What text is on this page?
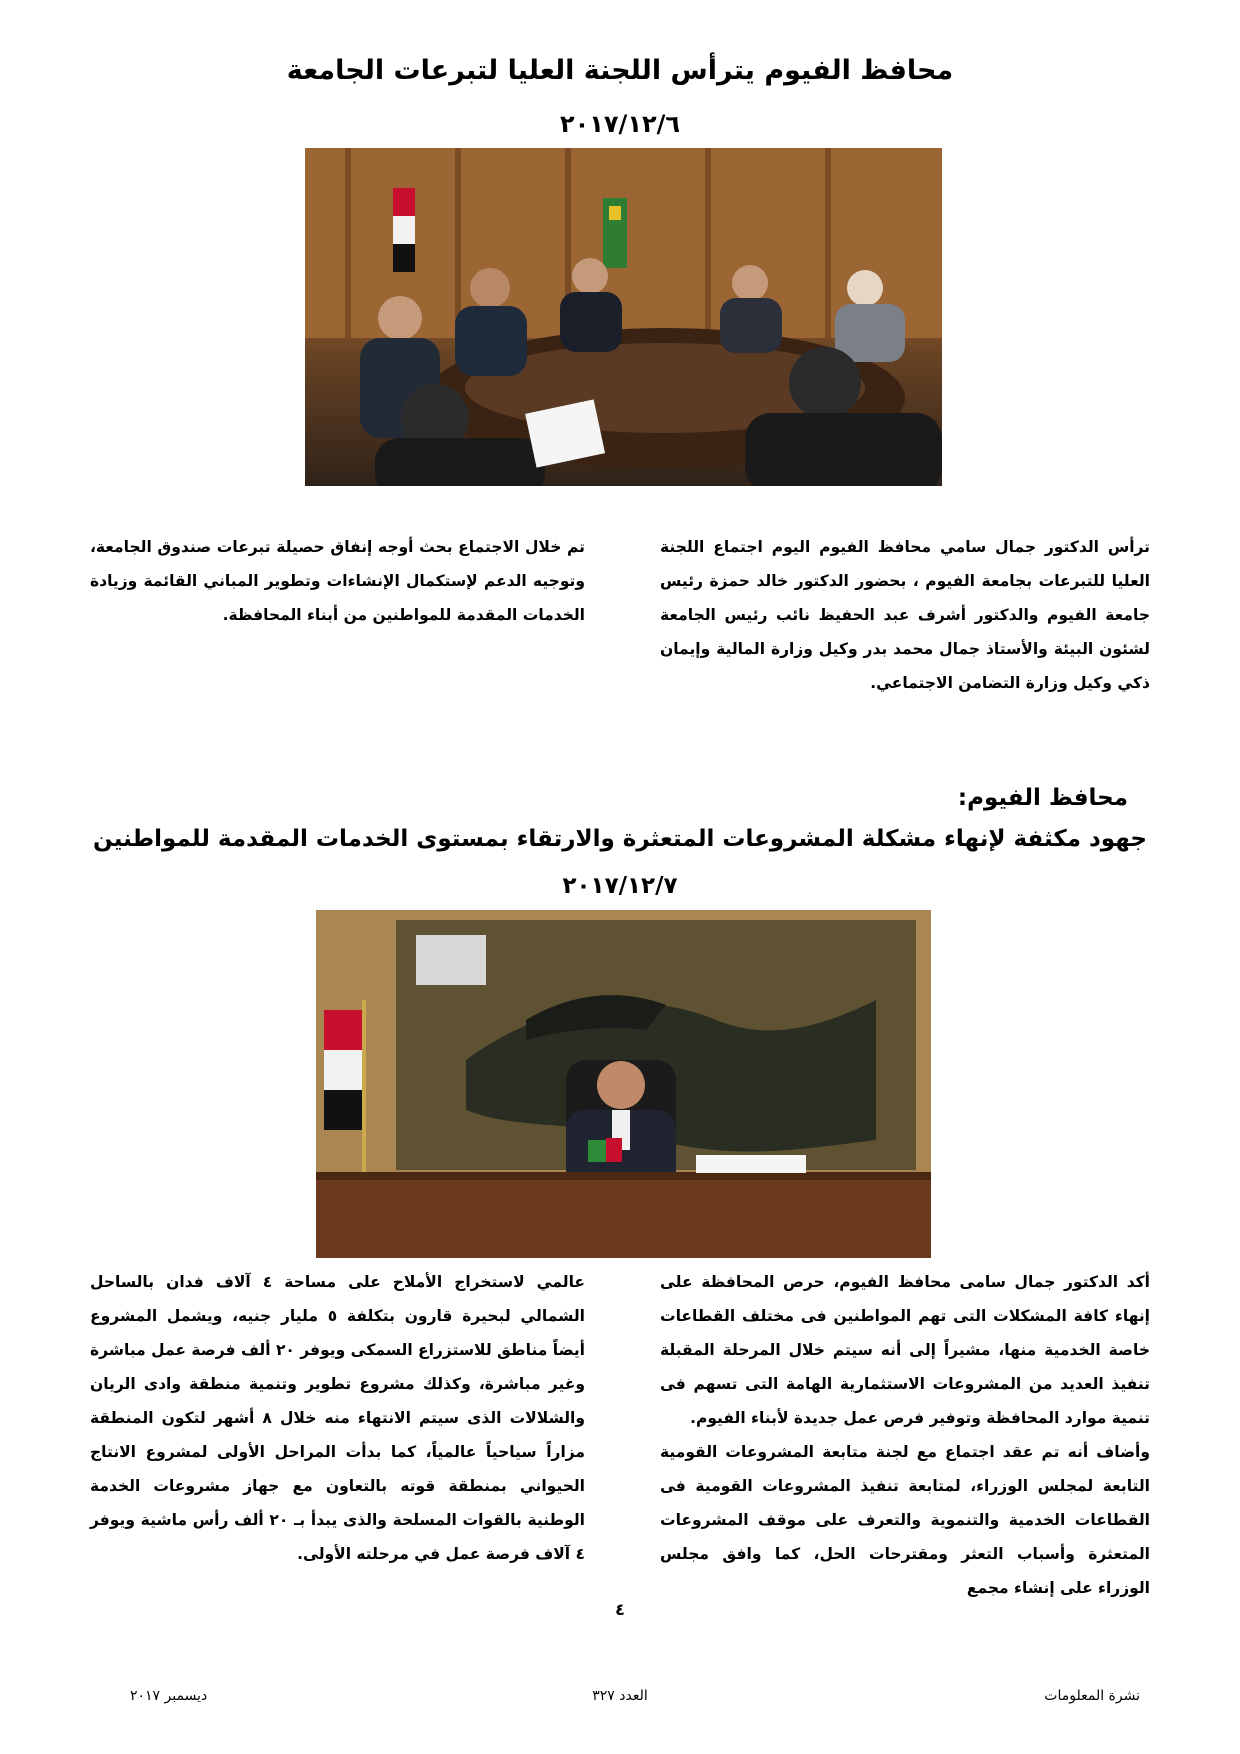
محافظ الفيوم يترأس اللجنة العليا لتبرعات الجامعة
٢٠١٧/١٢/٦

ترأس الدكتور جمال سامي محافظ الفيوم اليوم اجتماع اللجنة العليا للتبرعات بجامعة الفيوم ، بحضور الدكتور خالد حمزة رئيس جامعة الفيوم والدكتور أشرف عبد الحفيظ نائب رئيس الجامعة لشئون البيئة والأستاذ جمال محمد بدر وكيل وزارة المالية وإيمان ذكي وكيل وزارة التضامن الاجتماعي.

تم خلال الاجتماع بحث أوجه إنفاق حصيلة تبرعات صندوق الجامعة، وتوجيه الدعم لإستكمال الإنشاءات وتطوير المباني القائمة وزيادة الخدمات المقدمة للمواطنين من أبناء المحافظة.

محافظ الفيوم:
جهود مكثفة لإنهاء مشكلة المشروعات المتعثرة والارتقاء بمستوى الخدمات المقدمة للمواطنين
٢٠١٧/١٢/٧

أكد الدكتور جمال سامى محافظ الفيوم، حرص المحافظة على إنهاء كافة المشكلات التى تهم المواطنين فى مختلف القطاعات خاصة الخدمية منها، مشيراً إلى أنه سيتم خلال المرحلة المقبلة تنفيذ العديد من المشروعات الاستثمارية الهامة التى تسهم فى تنمية موارد المحافظة وتوفير فرص عمل جديدة لأبناء الفيوم.

وأضاف أنه تم عقد اجتماع مع لجنة متابعة المشروعات القومية التابعة لمجلس الوزراء، لمتابعة تنفيذ المشروعات القومية فى القطاعات الخدمية والتنموية والتعرف على موقف المشروعات المتعثرة وأسباب التعثر ومقترحات الحل، كما وافق مجلس الوزراء على إنشاء مجمع

عالمي لاستخراج الأملاح على مساحة ٤ آلاف فدان بالساحل الشمالي لبحيرة قارون بتكلفة ٥ مليار جنيه، ويشمل المشروع أيضاً مناطق للاستزراع السمكى ويوفر ٢٠ ألف فرصة عمل مباشرة وغير مباشرة، وكذلك مشروع تطوير وتنمية منطقة وادى الريان والشلالات الذى سيتم الانتهاء منه خلال ٨ أشهر لتكون المنطقة مزاراً سياحياً عالمياً، كما بدأت المراحل الأولى لمشروع الانتاج الحيواني بمنطقة قوته بالتعاون مع جهاز مشروعات الخدمة الوطنية بالقوات المسلحة والذى يبدأ بـ ٢٠ ألف رأس ماشية ويوفر ٤ آلاف فرصة عمل في مرحلته الأولى.

٤
نشرة المعلومات
العدد ٣٢٧
ديسمبر ٢٠١٧
